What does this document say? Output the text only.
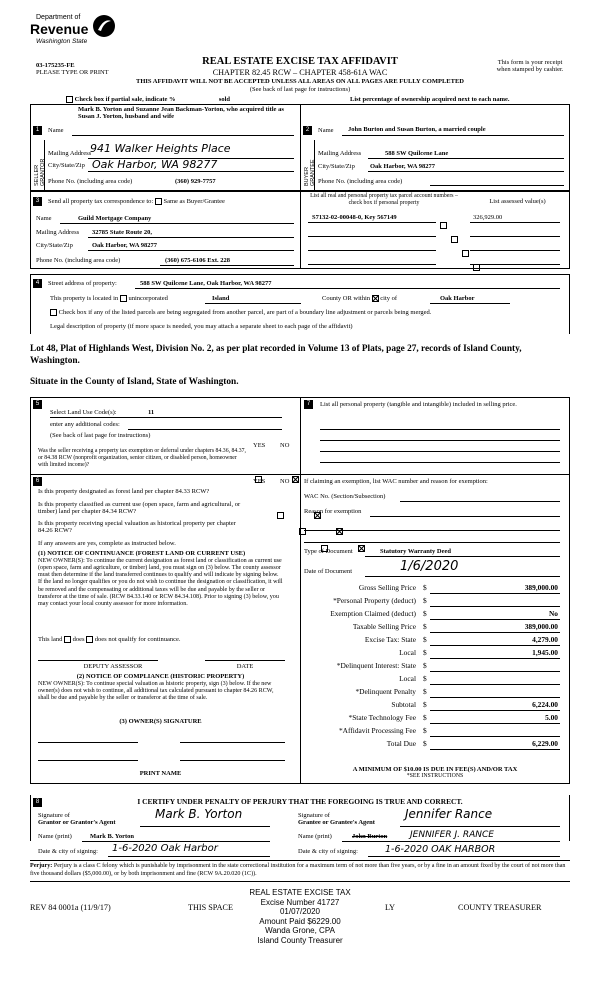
Department of
Revenue
Washington State
03-175235-FE
PLEASE TYPE OR PRINT
REAL ESTATE EXCISE TAX AFFIDAVIT
CHAPTER 82.45 RCW – CHAPTER 458-61A WAC
THIS AFFIDAVIT WILL NOT BE ACCEPTED UNLESS ALL AREAS ON ALL PAGES ARE FULLY COMPLETED
(See back of last page for instructions)
This form is your receipt
when stamped by cashier.
Check box if partial sale, indicate %	sold	List percentage of ownership acquired next to each name.
1
SELLER GRANTOR
Name
Mark B. Yorton and Suzanne Jean Backman-Yorton, who acquired title as Susan J. Yorton, husband and wife
Mailing Address
941 Walker Heights Place
City/State/Zip Oak Harbor, WA 98277
Phone No. (including area code)	(360) 929-7757
2
BUYER GRANTEE
Name John Burton and Susan Burton, a married couple
Mailing Address	588 SW Quilcene Lane
City/State/Zip Oak Harbor, WA 98277
Phone No. (including area code)
3	Send all property tax correspondence to: Same as Buyer/Grantee
Name	Guild Mortgage Company
Mailing Address 32785 State Route 20,
City/State/Zip	Oak Harbor, WA 98277
Phone No. (including area code)	(360) 675-6106 Ext. 228
List all real and personal property tax parcel account numbers – check box if personal property	List assessed value(s)
S7132-02-00048-0, Key 567149	326,929.00

4	Street address of property:	588 SW Quilcene Lane, Oak Harbor, WA 98277
This property is located in unincorporated	Island	County OR within city of	Oak Harbor
Check box if any of the listed parcels are being segregated from another parcel, are part of a boundary line adjustment or parcels being merged.
Legal description of property (if more space is needed, you may attach a separate sheet to each page of the affidavit)
Lot 48, Plat of Highlands West, Division No. 2, as per plat recorded in Volume 13 of Plats, page 27, records of Island County, Washington.
Situate in the County of Island, State of Washington.
5
Select Land Use Code(s):	11
enter any additional codes:
(See back of last page for instructions)
YES NO
Was the seller receiving a property tax exemption or deferral under chapters 84.36, 84.37, or 84.38 RCW (nonprofit organization, senior citizen, or disabled person, homeowner with limited income)?

6	YES NO
Is this property designated as forest land per chapter 84.33 RCW?

Is this property classified as current use (open space, farm and agricultural, or timber) land per chapter 84.34 RCW?

Is this property receiving special valuation as historical property per chapter 84.26 RCW?

If any answers are yes, complete as instructed below.
(1) NOTICE OF CONTINUANCE (FOREST LAND OR CURRENT USE)
NEW OWNER(S): To continue the current designation as forest land or classification as current use (open space, farm and agriculture, or timber) land, you must sign on (3) below. The county assessor must then determine if the land transferred continues to qualify and will indicate by signing below. If the land no longer qualifies or you do not wish to continue the designation or classification, it will be removed and the compensating or additional taxes will be due and payable by the seller or transferor at the time of sale. (RCW 84.33.140 or RCW 84.34.108). Prior to signing (3) below, you may contact your local county assessor for more information.
This land does does not qualify for continuance.
DEPUTY ASSESSOR	DATE
(2) NOTICE OF COMPLIANCE (HISTORIC PROPERTY)
NEW OWNER(S): To continue special valuation as historic property, sign (3) below. If the new owner(s) does not wish to continue, all additional tax calculated pursuant to chapter 84.26 RCW, shall be due and payable by the seller or transferor at the time of sale.
(3) OWNER(S) SIGNATURE
PRINT NAME
7	List all personal property (tangible and intangible) included in selling price.
If claiming an exemption, list WAC number and reason for exemption:
WAC No. (Section/Subsection)
Reason for exemption
Type of Document	Statutory Warranty Deed
Date of Document	1/6/2020
Gross Selling Price $	389,000.00
*Personal Property (deduct) $
Exemption Claimed (deduct) $	No
Taxable Selling Price $	389,000.00
Excise Tax: State $	4,279.00
Local $	1,945.00
*Delinquent Interest: State $
Local $
*Delinquent Penalty $
Subtotal $	6,224.00
*State Technology Fee $	5.00
*Affidavit Processing Fee $
Total Due $	6,229.00
A MINIMUM OF $10.00 IS DUE IN FEE(S) AND/OR TAX
*SEE INSTRUCTIONS
8	I CERTIFY UNDER PENALTY OF PERJURY THAT THE FOREGOING IS TRUE AND CORRECT.
Signature of
Grantor or Grantor's Agent
Mark B. Yorton
Name (print)	Mark B. Yorton
Date & city of signing: 1-6-2020 Oak Harbor
Signature of
Grantee or Grantee's Agent
Jennifer Rance
Name (print)	John Burton	JENNIFER J. RANCE
Date & city of signing:	1-6-2020 OAK HARBOR
Perjury: Perjury is a class C felony which is punishable by imprisonment in the state correctional institution for a maximum term of not more than five years, or by a fine in an amount fixed by the court of not more than five thousand dollars ($5,000.00), or by both imprisonment and fine (RCW 9A.20.020 (1C)).
REAL ESTATE EXCISE TAX
Excise Number 41727
01/07/2020
Amount Paid $6229.00
Wanda Grone, CPA
Island County Treasurer
REV 84 0001a (11/9/17)	THIS SPACE	LY	COUNTY TREASURER
